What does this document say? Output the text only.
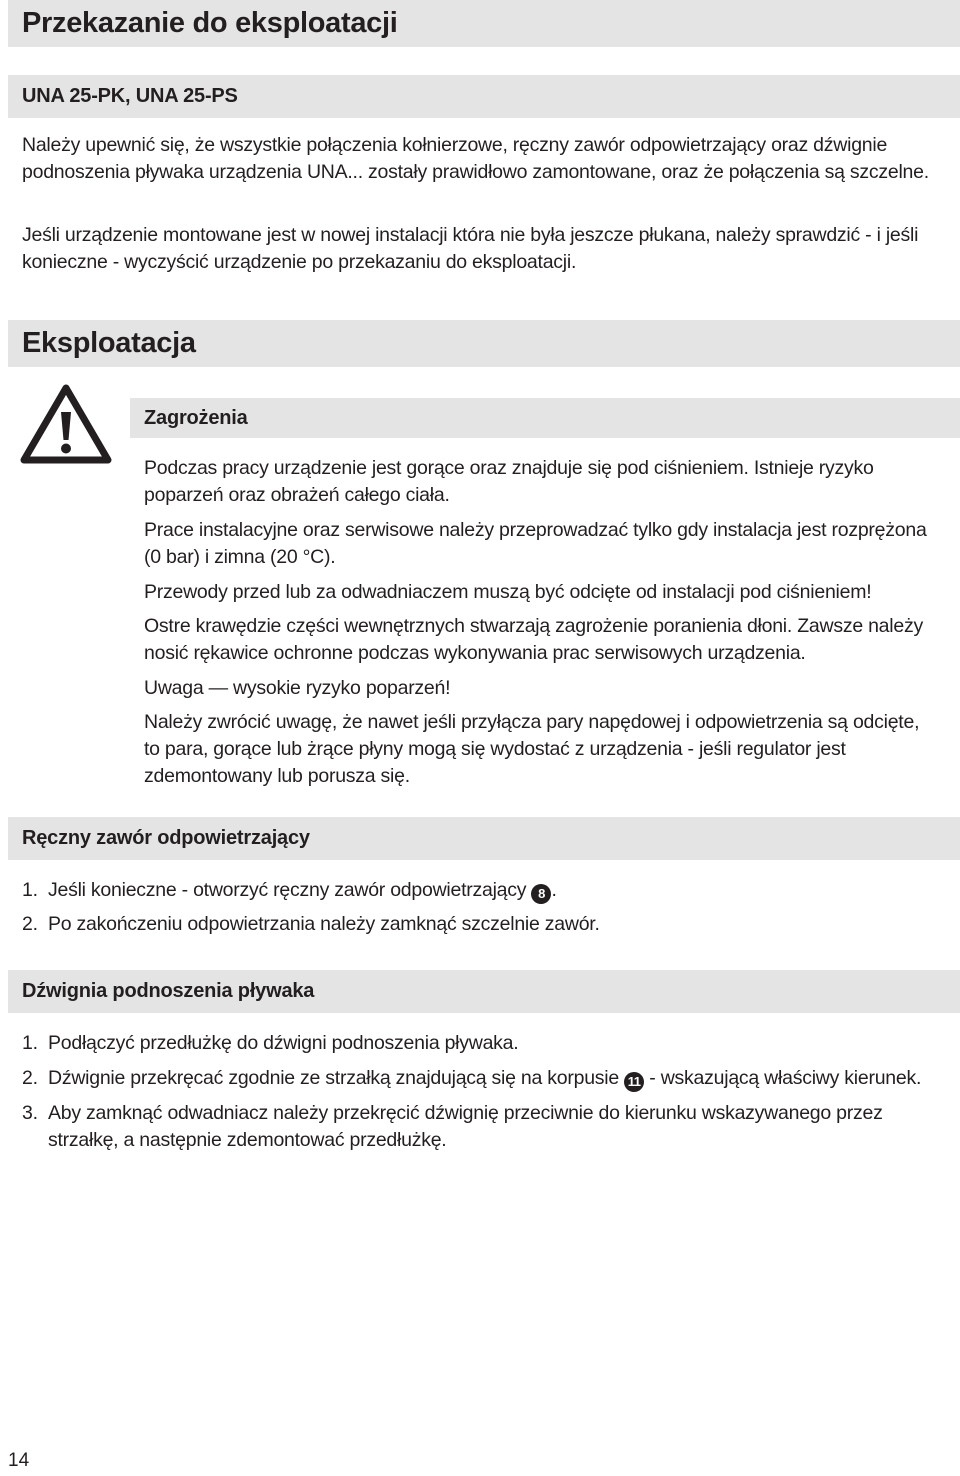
Przekazanie do eksploatacji
UNA 25-PK, UNA 25-PS

Należy upewnić się, że wszystkie połączenia kołnierzowe, ręczny zawór odpowietrzający oraz dźwignie podnoszenia pływaka urządzenia UNA... zostały prawidłowo zamontowane, oraz że połączenia są szczelne.

Jeśli urządzenie montowane jest w nowej instalacji która nie była jeszcze płukana, należy sprawdzić - i jeśli konieczne - wyczyścić urządzenie po przekazaniu do eksploatacji.

Eksploatacja
Zagrożenia

Podczas pracy urządzenie jest gorące oraz znajduje się pod ciśnieniem. Istnieje ryzyko poparzeń oraz obrażeń całego ciała.

Prace instalacyjne oraz serwisowe należy przeprowadzać tylko gdy instalacja jest rozprężona (0 bar) i zimna (20 °C).

Przewody przed lub za odwadniaczem muszą być odcięte od instalacji pod ciśnieniem!

Ostre krawędzie części wewnętrznych stwarzają zagrożenie poranienia dłoni. Zawsze należy nosić rękawice ochronne podczas wykonywania prac serwisowych urządzenia.

Uwaga — wysokie ryzyko poparzeń!

Należy zwrócić uwagę, że nawet jeśli przyłącza pary napędowej i odpowietrzenia są odcięte, to para, gorące lub żrące płyny mogą się wydostać z urządzenia - jeśli regulator jest zdemontowany lub porusza się.

Ręczny zawór odpowietrzający
1. Jeśli konieczne - otworzyć ręczny zawór odpowietrzający 8 .
2. Po zakończeniu odpowietrzania należy zamknąć szczelnie zawór.
Dźwignia podnoszenia pływaka
1. Podłączyć przedłużkę do dźwigni podnoszenia pływaka.
2. Dźwignie przekręcać zgodnie ze strzałką znajdującą się na korpusie 11 - wskazującą właściwy kierunek.
3. Aby zamknąć odwadniacz należy przekręcić dźwignię przeciwnie do kierunku wskazywanego przez strzałkę, a następnie zdemontować przedłużkę.
14
